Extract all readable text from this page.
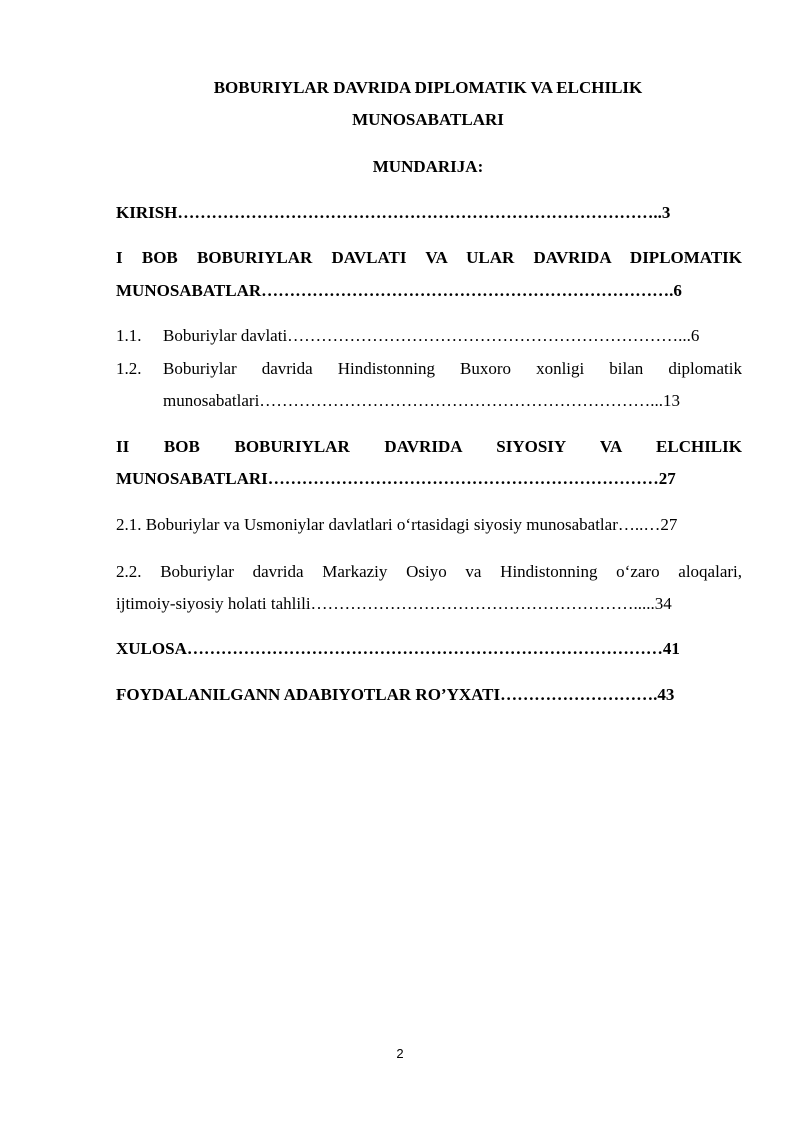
BOBURIYLAR DAVRIDA DIPLOMATIK VA ELCHILIK
MUNOSABATLARI
MUNDARIJA:
KIRISH…………………………………………………………………………..3
I BOB BOBURIYLAR DAVLATI VA ULAR DAVRIDA DIPLOMATIK
MUNOSABATLAR……………………………………………………………….6
1.1. Boburiylar davlati……………………………………………………………...6
1.2. Boburiylar davrida Hindistonning Buxoro xonligi bilan diplomatik
munosabatlari……………………………………………………………...13
II BOB BOBURIYLAR DAVRIDA SIYOSIY VA ELCHILIK
MUNOSABATLARI……………………………………………………………27
2.1. Boburiylar va Usmoniylar davlatlari o‘rtasidagi siyosiy munosabatlar…..…27
2.2. Boburiylar davrida Markaziy Osiyo va Hindistonning o‘zaro aloqalari,
ijtimoiy-siyosiy holati tahlili………………………………………………….....34
XULOSA…………………………………………………………………………41
FOYDALANILGANN ADABIYOTLAR RO’YXATI……………………….43
2
